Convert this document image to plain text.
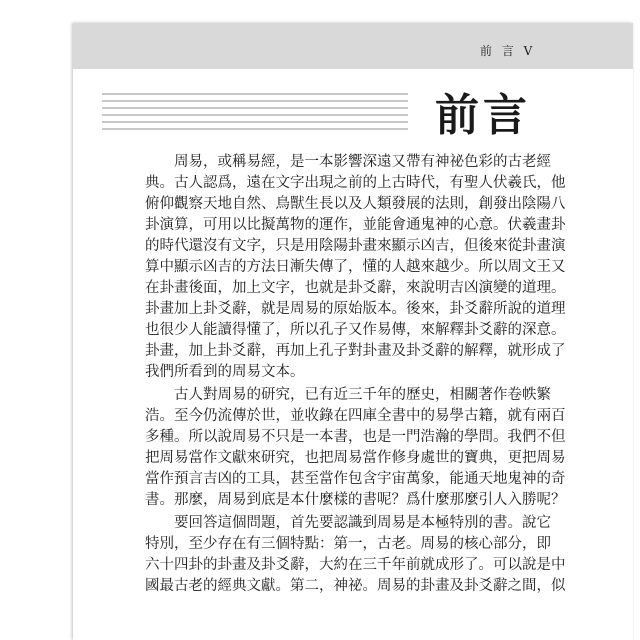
前 言 V
前言

　　周易，或稱易經，是一本影響深遠又帶有神祕色彩的古老經

典。古人認爲，遠在文字出現之前的上古時代，有聖人伏羲氏，他

俯仰觀察天地自然、鳥獸生長以及人類發展的法則，創發出陰陽八

卦演算，可用以比擬萬物的運作，並能會通鬼神的心意。伏羲畫卦

的時代還沒有文字，只是用陰陽卦畫來顯示凶吉，但後來從卦畫演

算中顯示凶吉的方法日漸失傳了，懂的人越來越少。所以周文王又

在卦畫後面，加上文字，也就是卦爻辭，來說明吉凶演變的道理。

卦畫加上卦爻辭，就是周易的原始版本。後來，卦爻辭所說的道理

也很少人能讀得懂了，所以孔子又作易傳，來解釋卦爻辭的深意。

卦畫，加上卦爻辭，再加上孔子對卦畫及卦爻辭的解釋，就形成了

我們所看到的周易文本。

　　古人對周易的研究，已有近三千年的歷史，相關著作卷帙繁

浩。至今仍流傳於世，並收錄在四庫全書中的易學古籍，就有兩百

多種。所以說周易不只是一本書，也是一門浩瀚的學問。我們不但

把周易當作文獻來研究，也把周易當作修身處世的寶典，更把周易

當作預言吉凶的工具，甚至當作包含宇宙萬象，能通天地鬼神的奇

書。那麼，周易到底是本什麼樣的書呢？爲什麼那麼引人入勝呢？

　　要回答這個問題，首先要認識到周易是本極特別的書。說它

特別，至少存在有三個特點：第一，古老。周易的核心部分，即

六十四卦的卦畫及卦爻辭，大約在三千年前就成形了。可以說是中

國最古老的經典文獻。第二，神祕。周易的卦畫及卦爻辭之間，似
